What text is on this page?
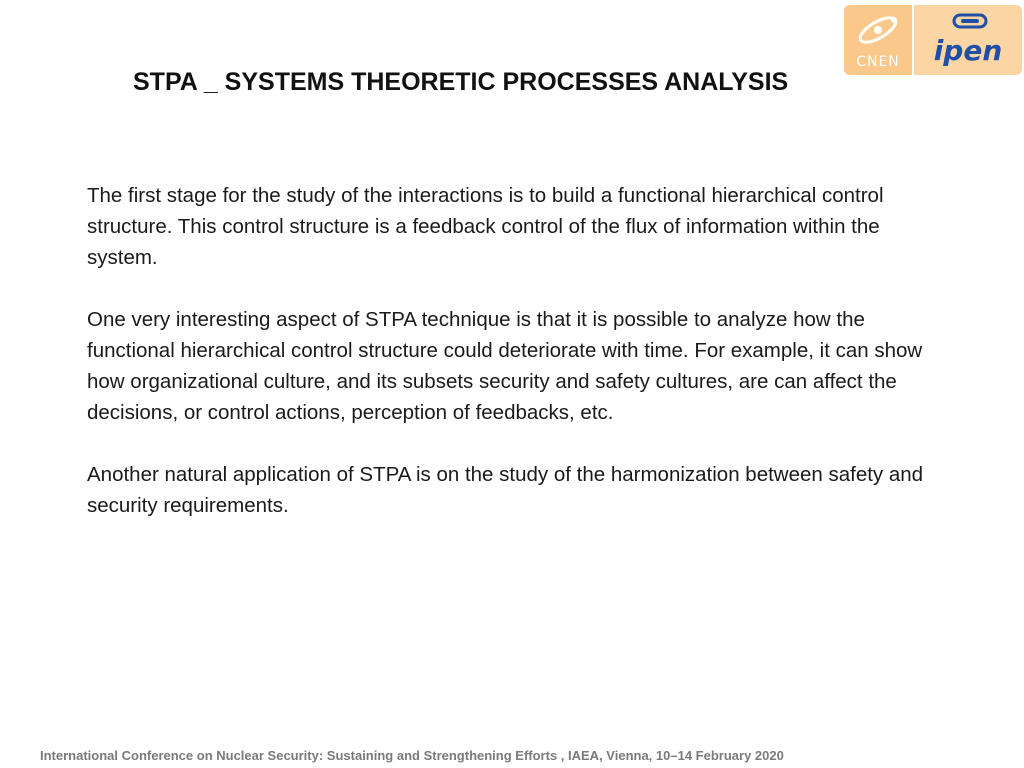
CNEN	ipen
STPA _ SYSTEMS THEORETIC PROCESSES ANALYSIS

The first stage for the study of the interactions is to build a functional hierarchical control structure. This control structure is a feedback control of the flux of information within the system.

One very interesting aspect of STPA technique is that it is possible to analyze how the functional hierarchical control structure could deteriorate with time. For example, it can show how organizational culture, and its subsets security and safety cultures, are can affect the decisions, or control actions, perception of feedbacks, etc.

Another natural application of STPA is on the study of the harmonization between safety and security requirements.

International Conference on Nuclear Security: Sustaining and Strengthening Efforts , IAEA, Vienna, 10–14 February 2020
